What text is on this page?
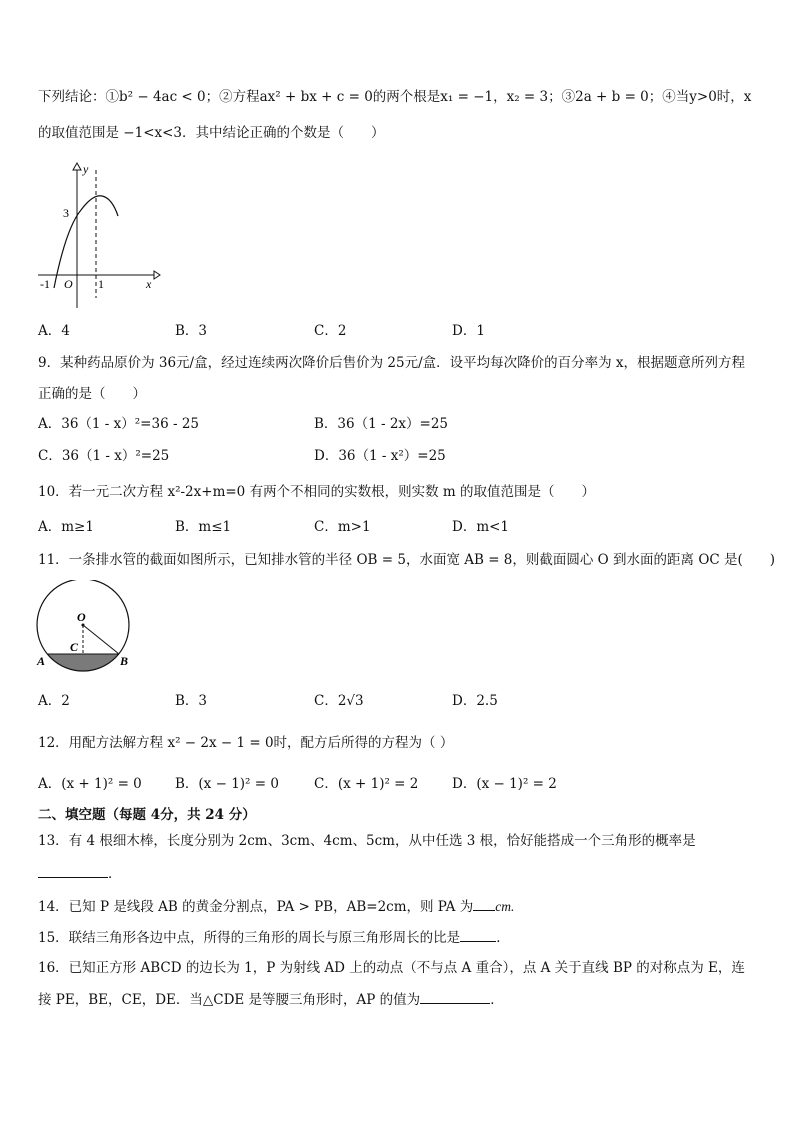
下列结论：①b² − 4ac < 0；②方程ax² + bx + c = 0的两个根是x₁ = −1，x₂ = 3；③2a + b = 0；④当y>0时，x
的取值范围是 −1<x<3．其中结论正确的个数是（　　）
y
x
3
-1 O 1
A．4	B．3	C．2	D．1
9．某种药品原价为 36元/盒，经过连续两次降价后售价为 25元/盒．设平均每次降价的百分率为 x，根据题意所列方程
正确的是（　　）
A．36（1 - x）²=36 - 25	B．36（1 - 2x）=25
C．36（1 - x）²=25	D．36（1 - x²）=25
10．若一元二次方程 x²-2x+m=0 有两个不相同的实数根，则实数 m 的取值范围是（　　）
A．m≥1	B．m≤1	C．m>1	D．m<1
11．一条排水管的截面如图所示，已知排水管的半径 OB = 5，水面宽 AB = 8，则截面圆心 O 到水面的距离 OC 是(　　)
O
C
A	B
A．2	B．3	C．2√3	D．2.5
12．用配方法解方程 x² − 2x − 1 = 0时，配方后所得的方程为（ ）
A．(x + 1)² = 0 B．(x − 1)² = 0	C．(x + 1)² = 2 D．(x − 1)² = 2
二、填空题（每题 4分，共 24 分）
13．有 4 根细木棒，长度分别为 2cm、3cm、4cm、5cm，从中任选 3 根，恰好能搭成一个三角形的概率是
．
14．已知 P 是线段 AB 的黄金分割点，PA > PB，AB=2cm，则 PA 为 cm.
15．联结三角形各边中点，所得的三角形的周长与原三角形周长的比是	．
16．已知正方形 ABCD 的边长为 1，P 为射线 AD 上的动点（不与点 A 重合），点 A 关于直线 BP 的对称点为 E，连
接 PE，BE，CE，DE．当△CDE 是等腰三角形时，AP 的值为	．
